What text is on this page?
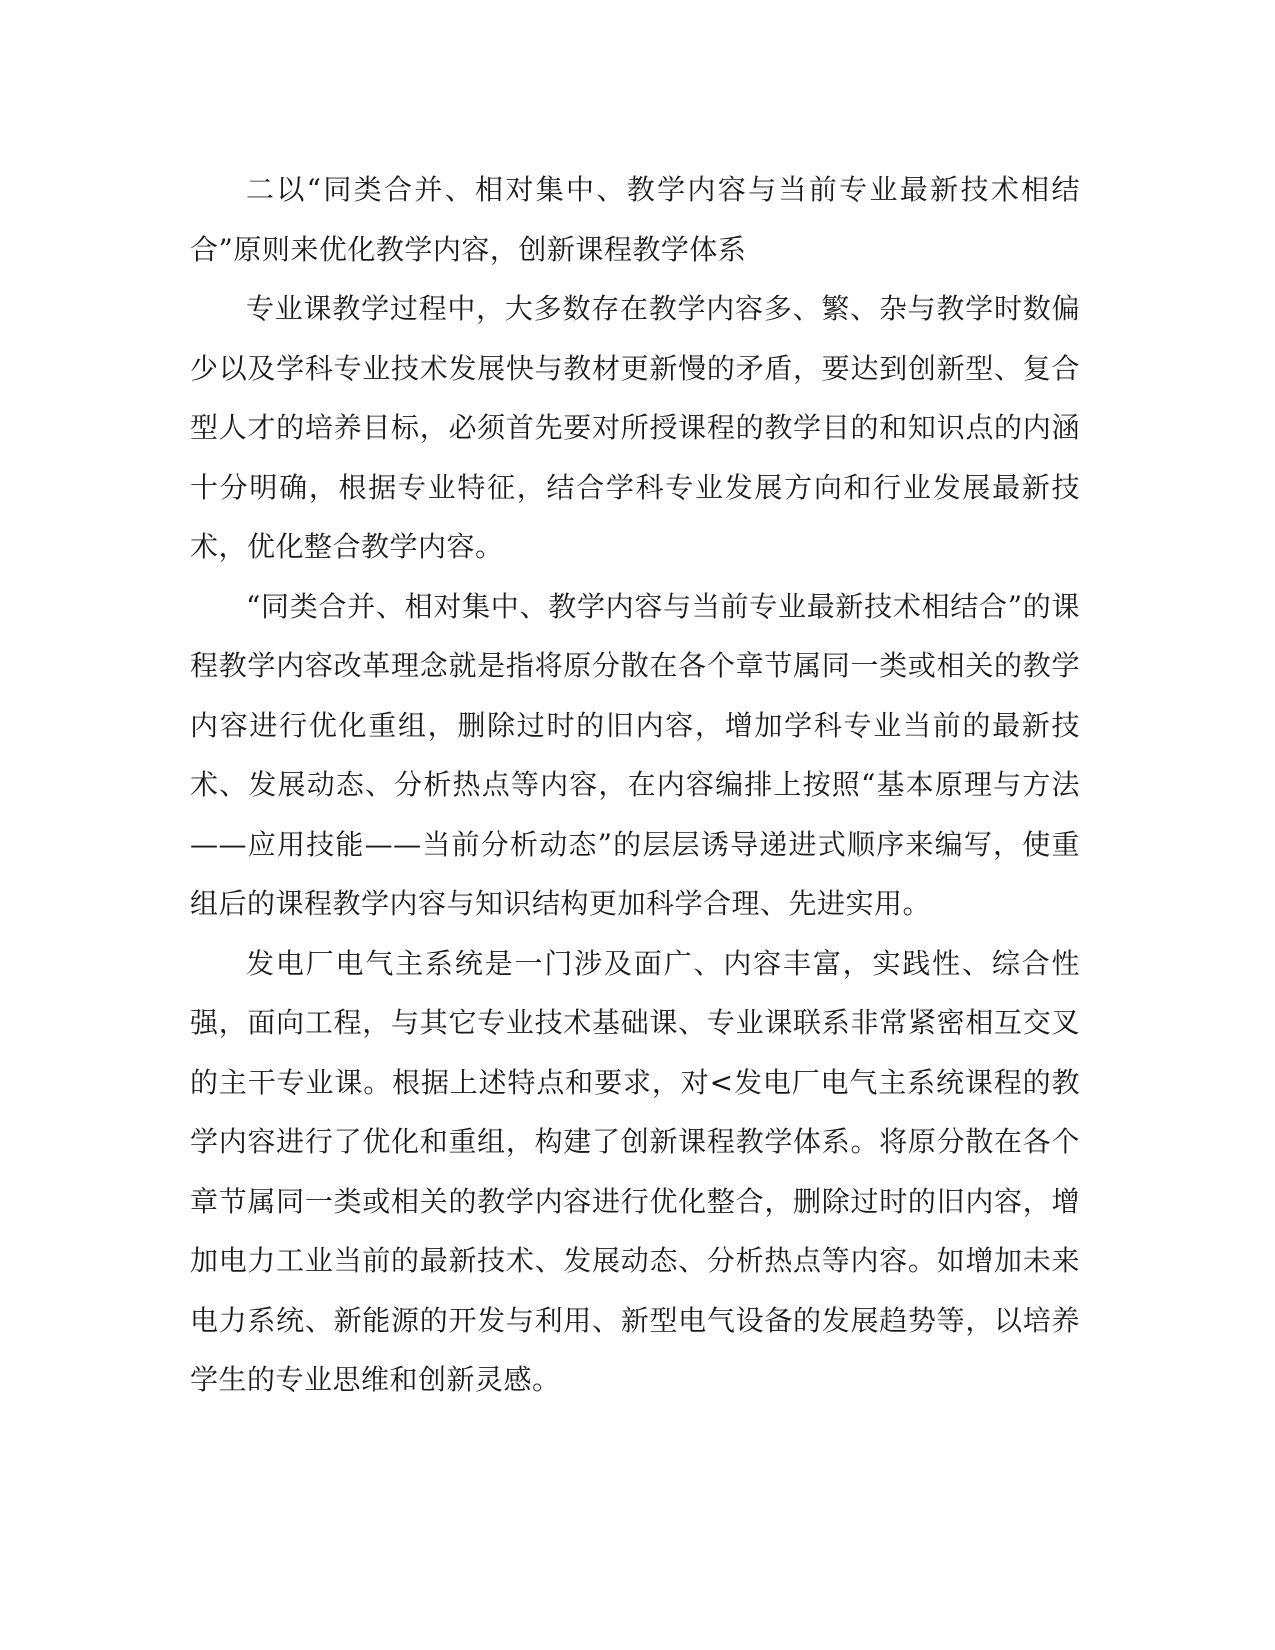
二以“同类合并、相对集中、教学内容与当前专业最新技术相结合”原则来优化教学内容，创新课程教学体系

专业课教学过程中，大多数存在教学内容多、繁、杂与教学时数偏少以及学科专业技术发展快与教材更新慢的矛盾，要达到创新型、复合型人才的培养目标，必须首先要对所授课程的教学目的和知识点的内涵十分明确，根据专业特征，结合学科专业发展方向和行业发展最新技术，优化整合教学内容。

“同类合并、相对集中、教学内容与当前专业最新技术相结合”的课程教学内容改革理念就是指将原分散在各个章节属同一类或相关的教学内容进行优化重组，删除过时的旧内容，增加学科专业当前的最新技术、发展动态、分析热点等内容，在内容编排上按照“基本原理与方法——应用技能——当前分析动态”的层层诱导递进式顺序来编写，使重组后的课程教学内容与知识结构更加科学合理、先进实用。

发电厂电气主系统是一门涉及面广、内容丰富，实践性、综合性强，面向工程，与其它专业技术基础课、专业课联系非常紧密相互交叉的主干专业课。根据上述特点和要求，对<发电厂电气主系统课程的教学内容进行了优化和重组，构建了创新课程教学体系。将原分散在各个章节属同一类或相关的教学内容进行优化整合，删除过时的旧内容，增加电力工业当前的最新技术、发展动态、分析热点等内容。如增加未来电力系统、新能源的开发与利用、新型电气设备的发展趋势等，以培养学生的专业思维和创新灵感。
